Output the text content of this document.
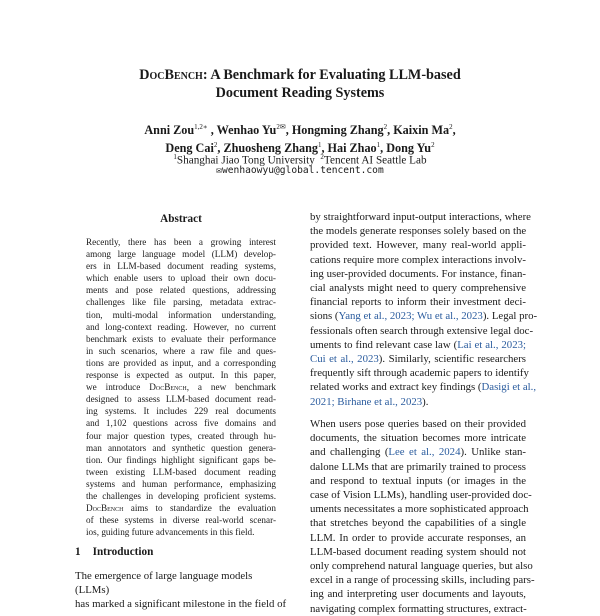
DocBench: A Benchmark for Evaluating LLM-based
Document Reading Systems
Anni Zou$^{1,2∗}$ , Wenhao $Yu^{2✉}$, Hongming Zhang$^2$, Kaixin Ma$^2$,
Deng Cai$^2$, Zhuosheng Zhang$^1$, Hai Zhao$^1$, Dong Yu$^2$
$^1$Shanghai Jiao Tong University $^2$Tencent AI Seattle Lab
✉wenhaowyu@global.tencent.com
Abstract
Recently, there has been a growing interest
among large language model (LLM) develop-
ers in LLM-based document reading systems,
which enable users to upload their own docu-
ments and pose related questions, addressing
challenges like file parsing, metadata extrac-
tion, multi-modal information understanding,
and long-context reading. However, no current
benchmark exists to evaluate their performance
in such scenarios, where a raw file and ques-
tions are provided as input, and a corresponding
response is expected as output. In this paper,
we introduce DocBench, a new benchmark
designed to assess LLM-based document read-
ing systems. It includes 229 real documents
and 1,102 questions across five domains and
four major question types, created through hu-
man annotators and synthetic question genera-
tion. Our findings highlight significant gaps be-
tween existing LLM-based document reading
systems and human performance, emphasizing
the challenges in developing proficient systems.
DocBench aims to standardize the evaluation
of these systems in diverse real-world scenar-
ios, guiding future advancements in this field.
1 Introduction
The emergence of large language models (LLMs)
has marked a significant milestone in the field of
by straightforward input-output interactions, where
the models generate responses solely based on the
provided text. However, many real-world appli-
cations require more complex interactions involv-
ing user-provided documents. For instance, finan-
cial analysts might need to query comprehensive
financial reports to inform their investment deci-
sions (Yang et al., 2023; Wu et al., 2023). Legal pro-
fessionals often search through extensive legal doc-
uments to find relevant case law (Lai et al., 2023;
Cui et al., 2023). Similarly, scientific researchers
frequently sift through academic papers to identify
related works and extract key findings (Dasigi et al.,
2021; Birhane et al., 2023).
When users pose queries based on their provided
documents, the situation becomes more intricate
and challenging (Lee et al., 2024). Unlike stan-
dalone LLMs that are primarily trained to process
and respond to textual inputs (or images in the
case of Vision LLMs), handling user-provided doc-
uments necessitates a more sophisticated approach
that stretches beyond the capabilities of a single
LLM. In order to provide accurate responses, an
LLM-based document reading system should not
only comprehend natural language queries, but also
excel in a range of processing skills, including pars-
ing and interpreting user documents and layouts,
navigating complex formatting structures, extract-
